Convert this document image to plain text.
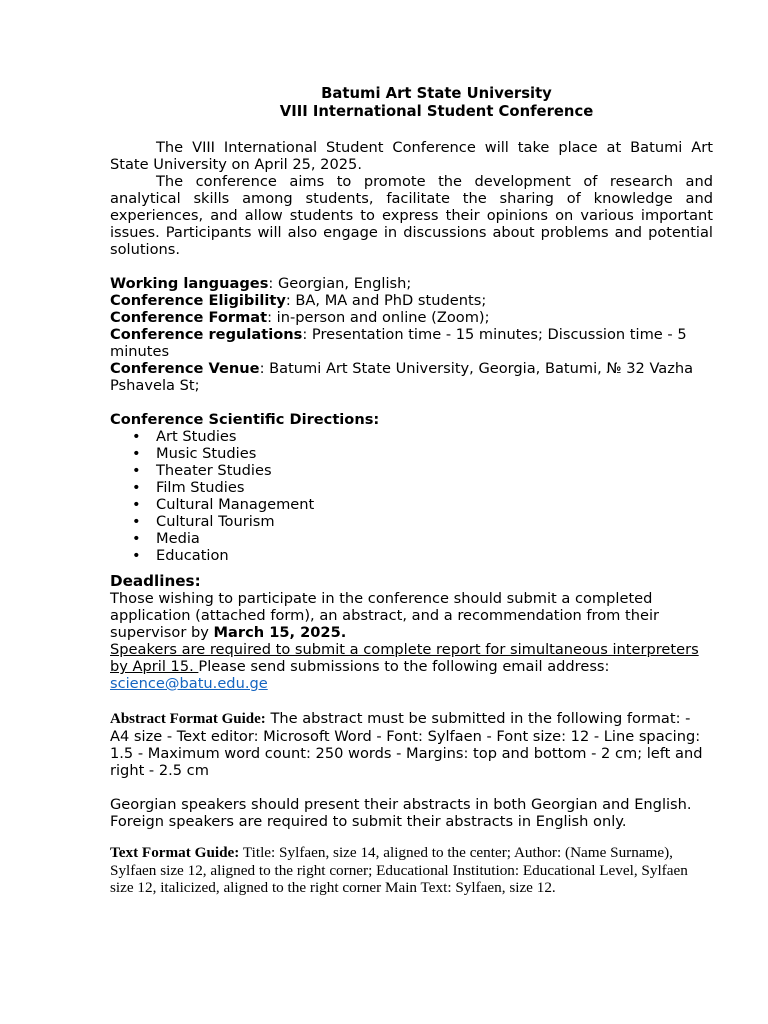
Batumi Art State University
VIII International Student Conference
The VIII International Student Conference will take place at Batumi Art State University on April 25, 2025.
The conference aims to promote the development of research and analytical skills among students, facilitate the sharing of knowledge and experiences, and allow students to express their opinions on various important issues. Participants will also engage in discussions about problems and potential solutions.
Working languages: Georgian, English;
Conference Eligibility: BA, MA and PhD students;
Conference Format: in-person and online (Zoom);
Conference regulations: Presentation time - 15 minutes; Discussion time - 5 minutes
Conference Venue: Batumi Art State University, Georgia, Batumi, № 32 Vazha Pshavela St;
Conference Scientific Directions:
• Art Studies
• Music Studies
• Theater Studies
• Film Studies
• Cultural Management
• Cultural Tourism
• Media
• Education
Deadlines:
Those wishing to participate in the conference should submit a completed application (attached form), an abstract, and a recommendation from their supervisor by March 15, 2025.
Speakers are required to submit a complete report for simultaneous interpreters by April 15. Please send submissions to the following email address: science@batu.edu.ge
Abstract Format Guide: The abstract must be submitted in the following format: - A4 size - Text editor: Microsoft Word - Font: Sylfaen - Font size: 12 - Line spacing: 1.5 - Maximum word count: 250 words - Margins: top and bottom - 2 cm; left and right - 2.5 cm
Georgian speakers should present their abstracts in both Georgian and English. Foreign speakers are required to submit their abstracts in English only.
Text Format Guide: Title: Sylfaen, size 14, aligned to the center; Author: (Name Surname), Sylfaen size 12, aligned to the right corner; Educational Institution: Educational Level, Sylfaen size 12, italicized, aligned to the right corner Main Text: Sylfaen, size 12.
